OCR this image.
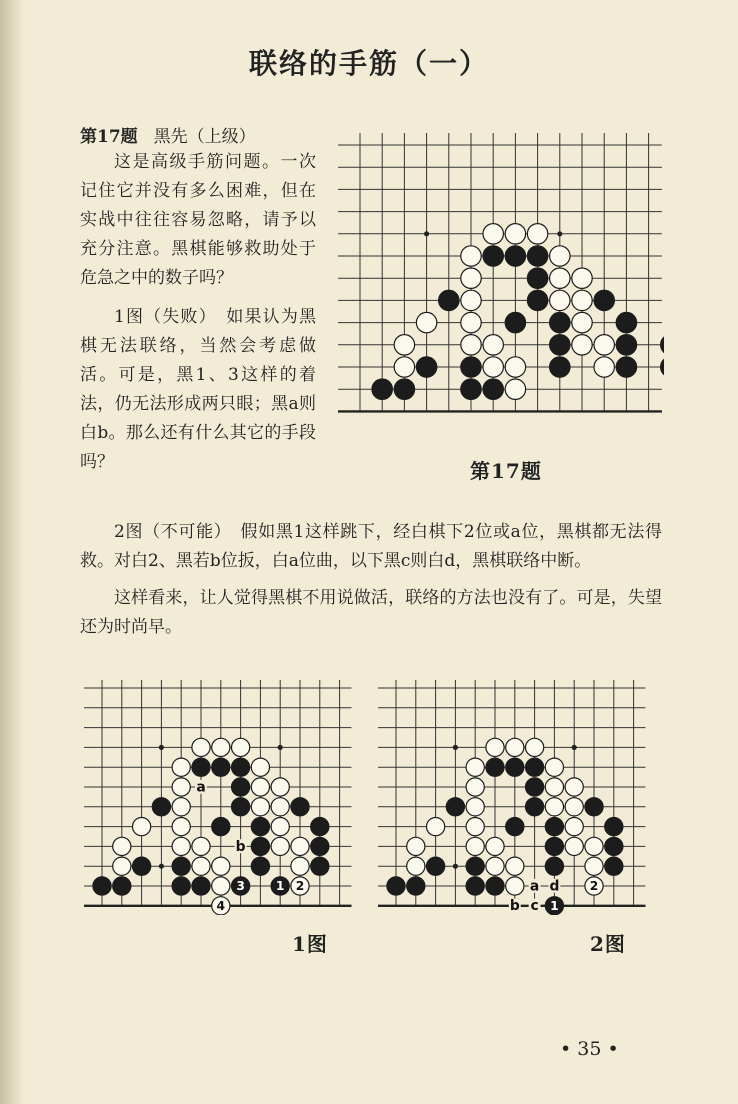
联络的手筋（一）
第17题 黑先（上级）

这是高级手筋问题。一次记住它并没有多么困难，但在实战中往往容易忽略，请予以充分注意。黑棋能够救助处于危急之中的数子吗？

1图（失败）　如果认为黑棋无法联络，当然会考虑做活。可是，黑1、3这样的着法，仍无法形成两只眼；黑a则白b。那么还有什么其它的手段吗？	第17题

2图（不可能）　假如黑1这样跳下，经白棋下2位或a位，黑棋都无法得救。对白2、黑若b位扳，白a位曲，以下黑c则白d，黑棋联络中断。

这样看来，让人觉得黑棋不用说做活，联络的方法也没有了。可是，失望还为时尚早。

3	1 2
4
a
b
1图
2
1
a d
b c
2图
• 35 •
